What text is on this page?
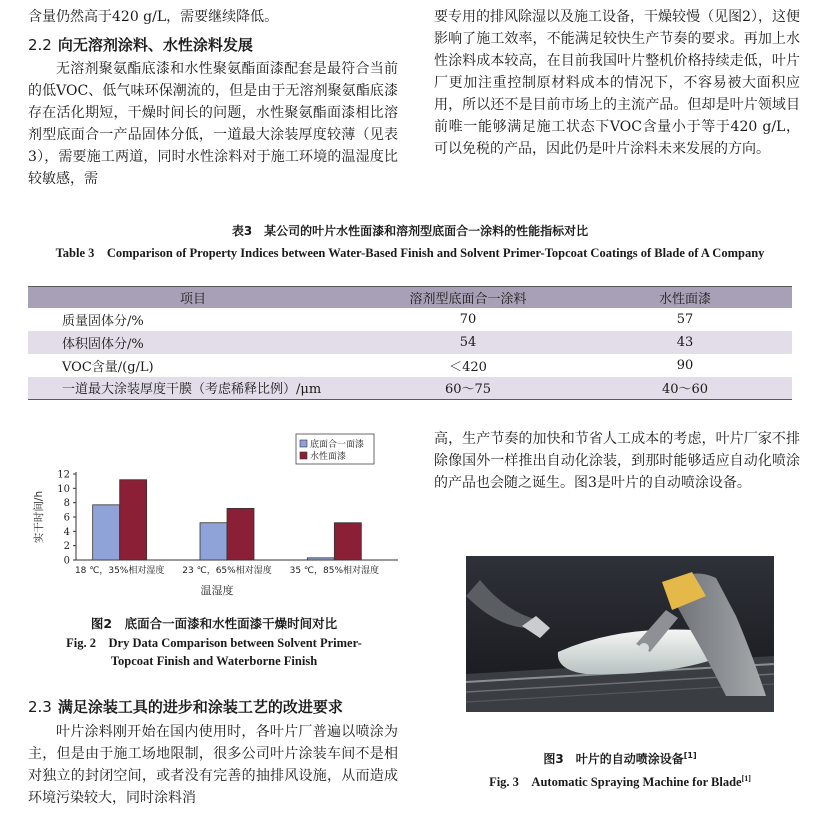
含量仍然高于420 g/L，需要继续降低。

2.2 向无溶剂涂料、水性涂料发展

无溶剂聚氨酯底漆和水性聚氨酯面漆配套是最符合当前的低VOC、低气味环保潮流的，但是由于无溶剂聚氨酯底漆存在活化期短，干燥时间长的问题，水性聚氨酯面漆相比溶剂型底面合一产品固体分低，一道最大涂装厚度较薄（见表3），需要施工两道，同时水性涂料对于施工环境的温湿度比较敏感，需

要专用的排风除湿以及施工设备，干燥较慢（见图2），这便影响了施工效率，不能满足较快生产节奏的要求。再加上水性涂料成本较高，在目前我国叶片整机价格持续走低，叶片厂更加注重控制原材料成本的情况下，不容易被大面积应用，所以还不是目前市场上的主流产品。但却是叶片领域目前唯一能够满足施工状态下VOC含量小于等于420 g/L，可以免税的产品，因此仍是叶片涂料未来发展的方向。

表3　某公司的叶片水性面漆和溶剂型底面合一涂料的性能指标对比
Table 3　Comparison of Property Indices between Water-Based Finish and Solvent Primer-Topcoat Coatings of Blade of A Company
项目	溶剂型底面合一涂料	水性面漆
质量固体分/%	70	57
体积固体分/%	54	43
VOC含量/(g/L)	＜420	90
一道最大涂装厚度干膜（考虑稀释比例）/μm	60～75	40～60
0
2
4
6
8
10
12
实干时间/h
18 ℃，35%相对湿度 23 ℃，65%相对湿度 35 ℃，85%相对湿度
温湿度
底面合一面漆
水性面漆
图2　底面合一面漆和水性面漆干燥时间对比
Fig. 2　Dry Data Comparison between Solvent Primer-
Topcoat Finish and Waterborne Finish
2.3 满足涂装工具的进步和涂装工艺的改进要求

叶片涂料刚开始在国内使用时，各叶片厂普遍以喷涂为主，但是由于施工场地限制，很多公司叶片涂装车间不是相对独立的封闭空间，或者没有完善的抽排风设施，从而造成环境污染较大，同时涂料消

高，生产节奏的加快和节省人工成本的考虑，叶片厂家不排除像国外一样推出自动化涂装，到那时能够适应自动化喷涂的产品也会随之诞生。图3是叶片的自动喷涂设备。

图3　叶片的自动喷涂设备[1]
Fig. 3　Automatic Spraying Machine for Blade[1]
